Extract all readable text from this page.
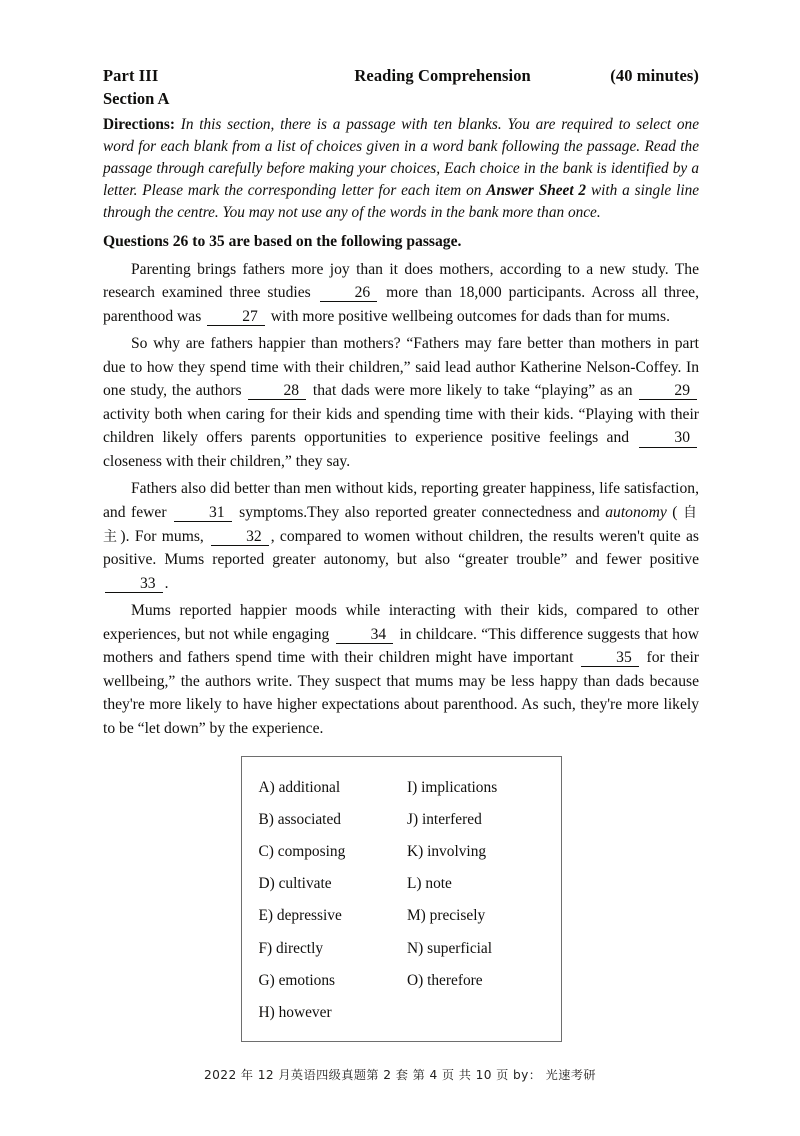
Part III	Reading Comprehension	(40 minutes)
Section A
Directions: In this section, there is a passage with ten blanks. You are required to select one word for each blank from a list of choices given in a word bank following the passage. Read the passage through carefully before making your choices, Each choice in the bank is identified by a letter. Please mark the corresponding letter for each item on Answer Sheet 2 with a single line through the centre. You may not use any of the words in the bank more than once.
Questions 26 to 35 are based on the following passage.

Parenting brings fathers more joy than it does mothers, according to a new study. The research examined three studies 26 more than 18,000 participants. Across all three, parenthood was 27 with more positive wellbeing outcomes for dads than for mums.

So why are fathers happier than mothers? “Fathers may fare better than mothers in part due to how they spend time with their children,” said lead author Katherine Nelson-Coffey. In one study, the authors 28 that dads were more likely to take “playing” as an 29 activity both when caring for their kids and spending time with their kids. “Playing with their children likely offers parents opportunities to experience positive feelings and 30 closeness with their children,” they say.

Fathers also did better than men without kids, reporting greater happiness, life satisfaction, and fewer 31 symptoms.They also reported greater connectedness and autonomy ( 自 主). For mums, 32 , compared to women without children, the results weren't quite as positive. Mums reported greater autonomy, but also “greater trouble” and fewer positive 33 .

Mums reported happier moods while interacting with their kids, compared to other experiences, but not while engaging 34 in childcare. “This difference suggests that how mothers and fathers spend time with their children might have important 35 for their wellbeing,” the authors write. They suspect that mums may be less happy than dads because they're more likely to have higher expectations about parenthood. As such, they're more likely to be “let down” by the experience.

A) additional
B) associated
C) composing
D) cultivate
E) depressive
F) directly
G) emotions
H) however
I) implications
J) interfered
K) involving
L) note
M) precisely
N) superficial
O) therefore
2022 年 12 月英语四级真题第 2 套 第 4 页 共 10 页 by： 光速考研
